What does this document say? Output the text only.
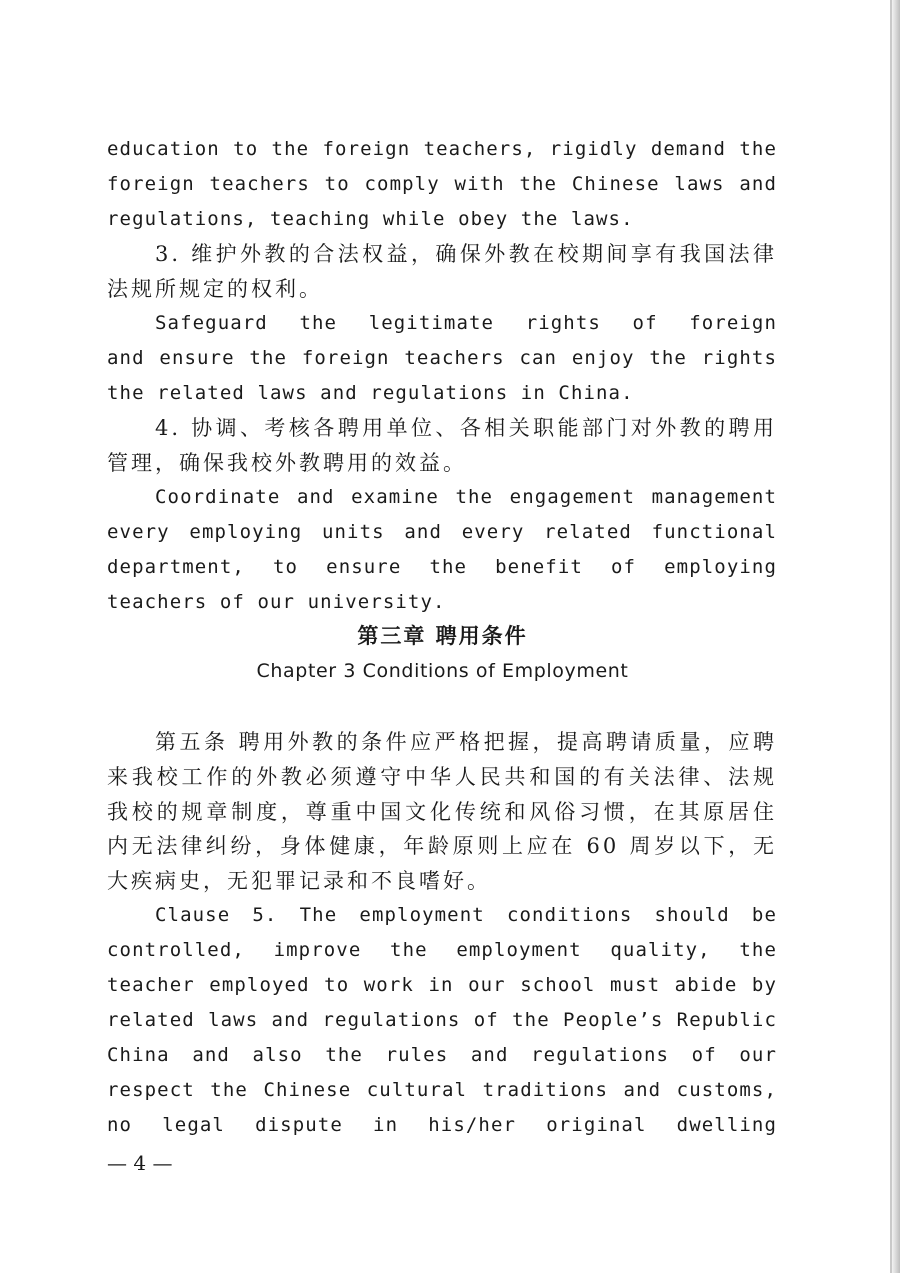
education to the foreign teachers, rigidly demand the
foreign teachers to comply with the Chinese laws and
regulations, teaching while obey the laws.
3. 维护外教的合法权益，确保外教在校期间享有我国法律
法规所规定的权利。
Safeguard the legitimate rights of foreign
and ensure the foreign teachers can enjoy the rights
the related laws and regulations in China.
4. 协调、考核各聘用单位、各相关职能部门对外教的聘用
管理，确保我校外教聘用的效益。
Coordinate and examine the engagement management
every employing units and every related functional
department, to ensure the benefit of employing
teachers of our university.
第三章 聘用条件
Chapter 3 Conditions of Employment
第五条 聘用外教的条件应严格把握，提高聘请质量，应聘
来我校工作的外教必须遵守中华人民共和国的有关法律、法规
我校的规章制度，尊重中国文化传统和风俗习惯，在其原居住
内无法律纠纷，身体健康，年龄原则上应在 60 周岁以下，无
大疾病史，无犯罪记录和不良嗜好。
Clause 5. The employment conditions should be
controlled, improve the employment quality, the
teacher employed to work in our school must abide by
related laws and regulations of the People’s Republic
China and also the rules and regulations of our
respect the Chinese cultural traditions and customs,
no legal dispute in his/her original dwelling
— 4 —
